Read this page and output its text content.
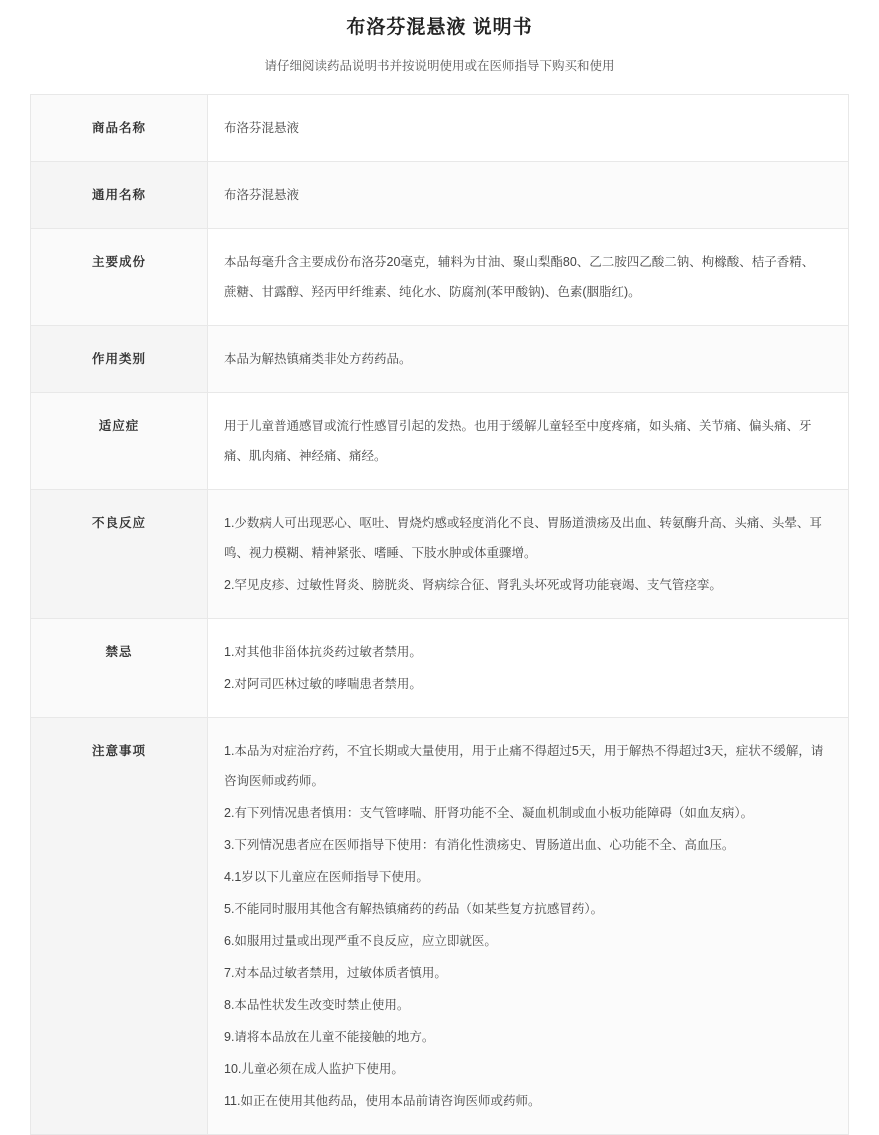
布洛芬混悬液 说明书

请仔细阅读药品说明书并按说明使用或在医师指导下购买和使用

商品名称	布洛芬混悬液

通用名称	布洛芬混悬液

主要成份	本品每毫升含主要成份布洛芬20毫克，辅料为甘油、聚山梨酯80、乙二胺四乙酸二钠、枸橼酸、桔子香精、蔗糖、甘露醇、羟丙甲纤维素、纯化水、防腐剂(苯甲酸钠)、色素(胭脂红)。

作用类别	本品为解热镇痛类非处方药药品。

适应症	用于儿童普通感冒或流行性感冒引起的发热。也用于缓解儿童轻至中度疼痛，如头痛、关节痛、偏头痛、牙痛、肌肉痛、神经痛、痛经。

不良反应	1.少数病人可出现恶心、呕吐、胃烧灼感或轻度消化不良、胃肠道溃疡及出血、转氨酶升高、头痛、头晕、耳鸣、视力模糊、精神紧张、嗜睡、下肢水肿或体重骤增。

2.罕见皮疹、过敏性肾炎、膀胱炎、肾病综合征、肾乳头坏死或肾功能衰竭、支气管痉挛。

禁忌	1.对其他非甾体抗炎药过敏者禁用。

2.对阿司匹林过敏的哮喘患者禁用。

注意事项	1.本品为对症治疗药，不宜长期或大量使用，用于止痛不得超过5天，用于解热不得超过3天，症状不缓解，请咨询医师或药师。

2.有下列情况患者慎用：支气管哮喘、肝肾功能不全、凝血机制或血小板功能障碍（如血友病）。

3.下列情况患者应在医师指导下使用：有消化性溃疡史、胃肠道出血、心功能不全、高血压。

4.1岁以下儿童应在医师指导下使用。

5.不能同时服用其他含有解热镇痛药的药品（如某些复方抗感冒药）。

6.如服用过量或出现严重不良反应，应立即就医。

7.对本品过敏者禁用，过敏体质者慎用。

8.本品性状发生改变时禁止使用。

9.请将本品放在儿童不能接触的地方。

10.儿童必须在成人监护下使用。

11.如正在使用其他药品，使用本品前请咨询医师或药师。
